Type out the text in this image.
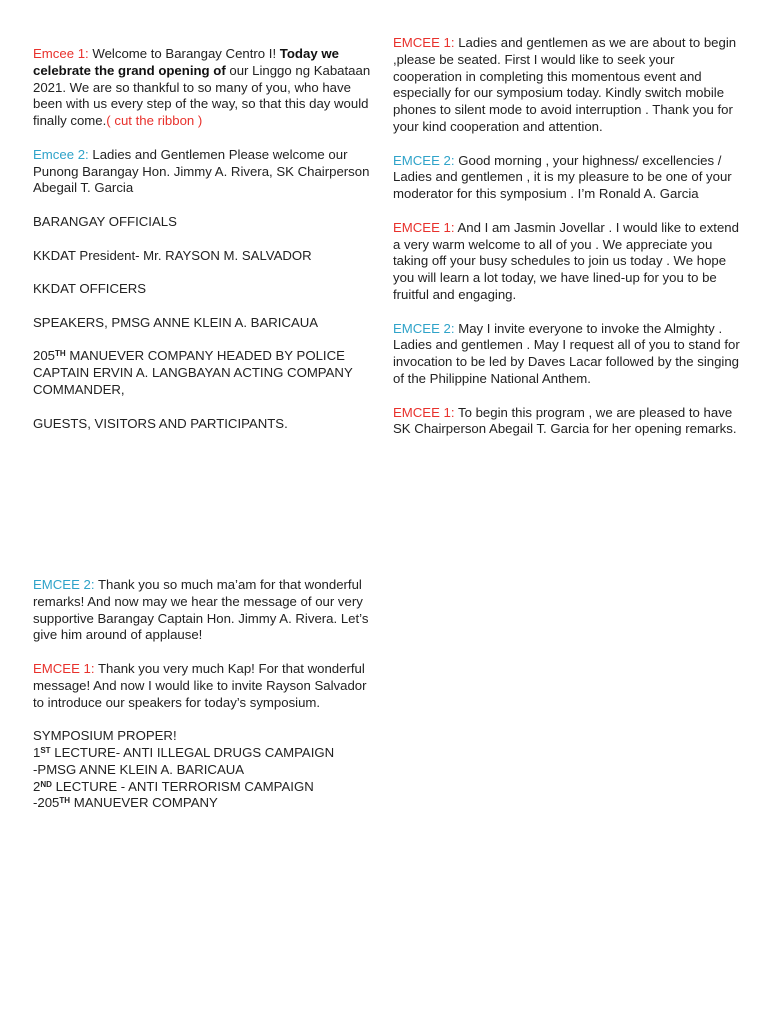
Emcee 1: Welcome to Barangay Centro I! Today we celebrate the grand opening of our Linggo ng Kabataan 2021. We are so thankful to so many of you, who have been with us every step of the way, so that this day would finally come.( cut the ribbon )

Emcee 2: Ladies and Gentlemen Please welcome our Punong Barangay Hon. Jimmy A. Rivera, SK Chairperson Abegail T. Garcia

BARANGAY OFFICIALS

KKDAT President- Mr. RAYSON M. SALVADOR

KKDAT OFFICERS

SPEAKERS, PMSG ANNE KLEIN A. BARICAUA

205TH MANUEVER COMPANY HEADED BY POLICE CAPTAIN ERVIN A. LANGBAYAN ACTING COMPANY COMMANDER,

GUESTS, VISITORS AND PARTICIPANTS.

EMCEE 1: Ladies and gentlemen as we are about to begin ,please be seated. First I would like to seek your cooperation in completing this momentous event and especially for our symposium today. Kindly switch mobile phones to silent mode to avoid interruption . Thank you for your kind cooperation and attention.

EMCEE 2: Good morning , your highness/ excellencies / Ladies and gentlemen , it is my pleasure to be one of your moderator for this symposium . I’m Ronald A. Garcia

EMCEE 1: And I am Jasmin Jovellar . I would like to extend a very warm welcome to all of you . We appreciate you taking off your busy schedules to join us today . We hope you will learn a lot today, we have lined-up for you to be fruitful and engaging.

EMCEE 2: May I invite everyone to invoke the Almighty . Ladies and gentlemen . May I request all of you to stand for invocation to be led by Daves Lacar followed by the singing of the Philippine National Anthem.

EMCEE 1: To begin this program , we are pleased to have SK Chairperson Abegail T. Garcia for her opening remarks.

EMCEE 2: Thank you so much ma’am for that wonderful remarks! And now may we hear the message of our very supportive Barangay Captain Hon. Jimmy A. Rivera. Let’s give him around of applause!

EMCEE 1: Thank you very much Kap! For that wonderful message! And now I would like to invite Rayson Salvador to introduce our speakers for today’s symposium.

SYMPOSIUM PROPER!

1ST LECTURE- ANTI ILLEGAL DRUGS CAMPAIGN

-PMSG ANNE KLEIN A. BARICAUA

2ND LECTURE - ANTI TERRORISM CAMPAIGN

-205TH MANUEVER COMPANY
